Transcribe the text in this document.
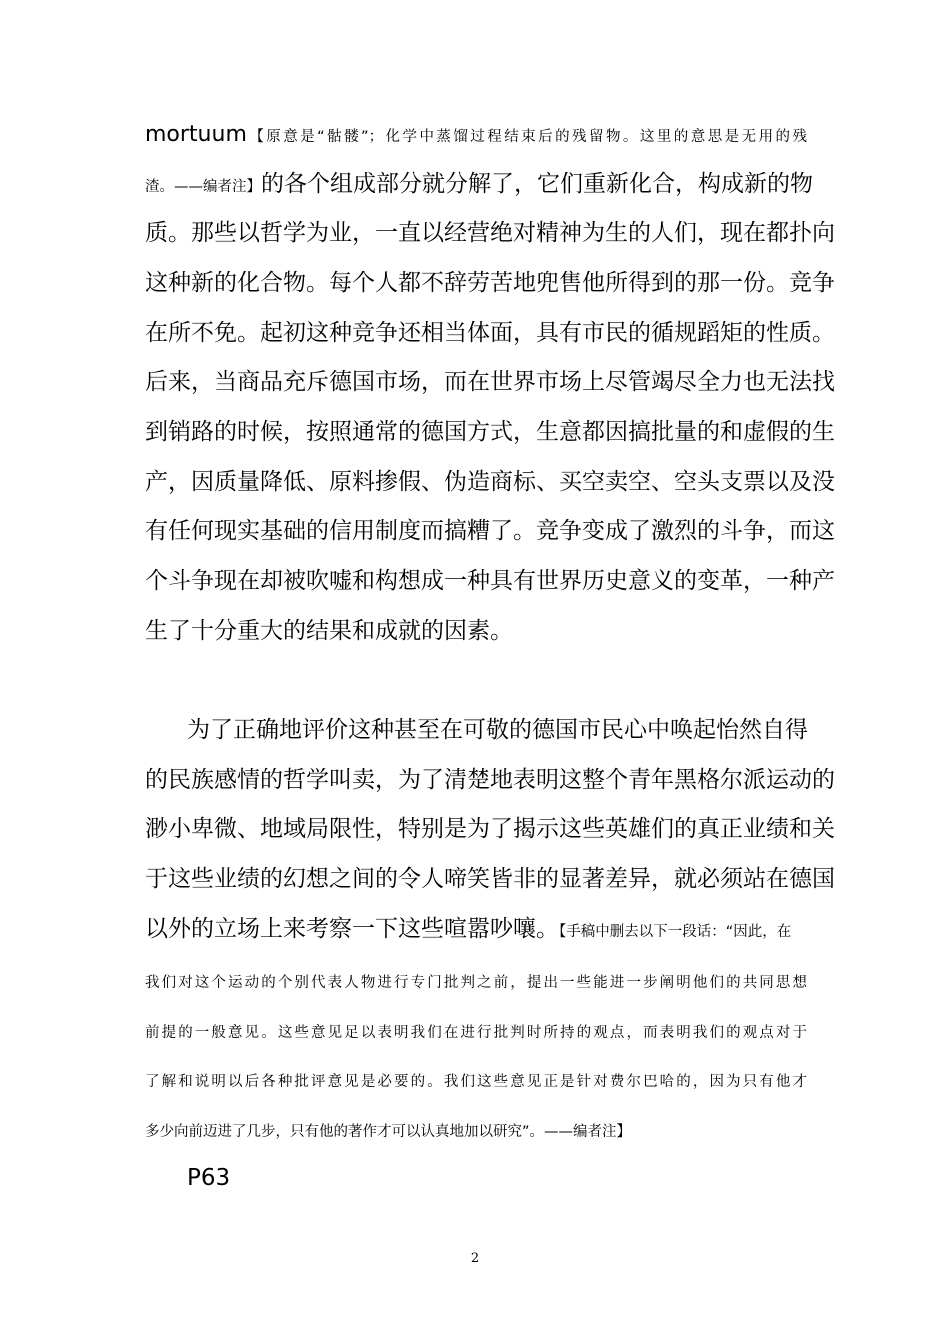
mortuum【原意是“骷髅”；化学中蒸馏过程结束后的残留物。这里的意思是无用的残
渣。——编者注】的各个组成部分就分解了，它们重新化合，构成新的物
质。那些以哲学为业，一直以经营绝对精神为生的人们，现在都扑向
这种新的化合物。每个人都不辞劳苦地兜售他所得到的那一份。竞争
在所不免。起初这种竞争还相当体面，具有市民的循规蹈矩的性质。
后来，当商品充斥德国市场，而在世界市场上尽管竭尽全力也无法找
到销路的时候，按照通常的德国方式，生意都因搞批量的和虚假的生
产，因质量降低、原料掺假、伪造商标、买空卖空、空头支票以及没
有任何现实基础的信用制度而搞糟了。竞争变成了激烈的斗争，而这
个斗争现在却被吹嘘和构想成一种具有世界历史意义的变革，一种产
生了十分重大的结果和成就的因素。
为了正确地评价这种甚至在可敬的德国市民心中唤起怡然自得
的民族感情的哲学叫卖，为了清楚地表明这整个青年黑格尔派运动的
渺小卑微、地域局限性，特别是为了揭示这些英雄们的真正业绩和关
于这些业绩的幻想之间的令人啼笑皆非的显著差异，就必须站在德国
以外的立场上来考察一下这些喧嚣吵嚷。【手稿中删去以下一段话：“因此，在
我们对这个运动的个别代表人物进行专门批判之前，提出一些能进一步阐明他们的共同思想
前提的一般意见。这些意见足以表明我们在进行批判时所持的观点，而表明我们的观点对于
了解和说明以后各种批评意见是必要的。我们这些意见正是针对费尔巴哈的，因为只有他才
多少向前迈进了几步，只有他的著作才可以认真地加以研究”。——编者注】
P63
2
